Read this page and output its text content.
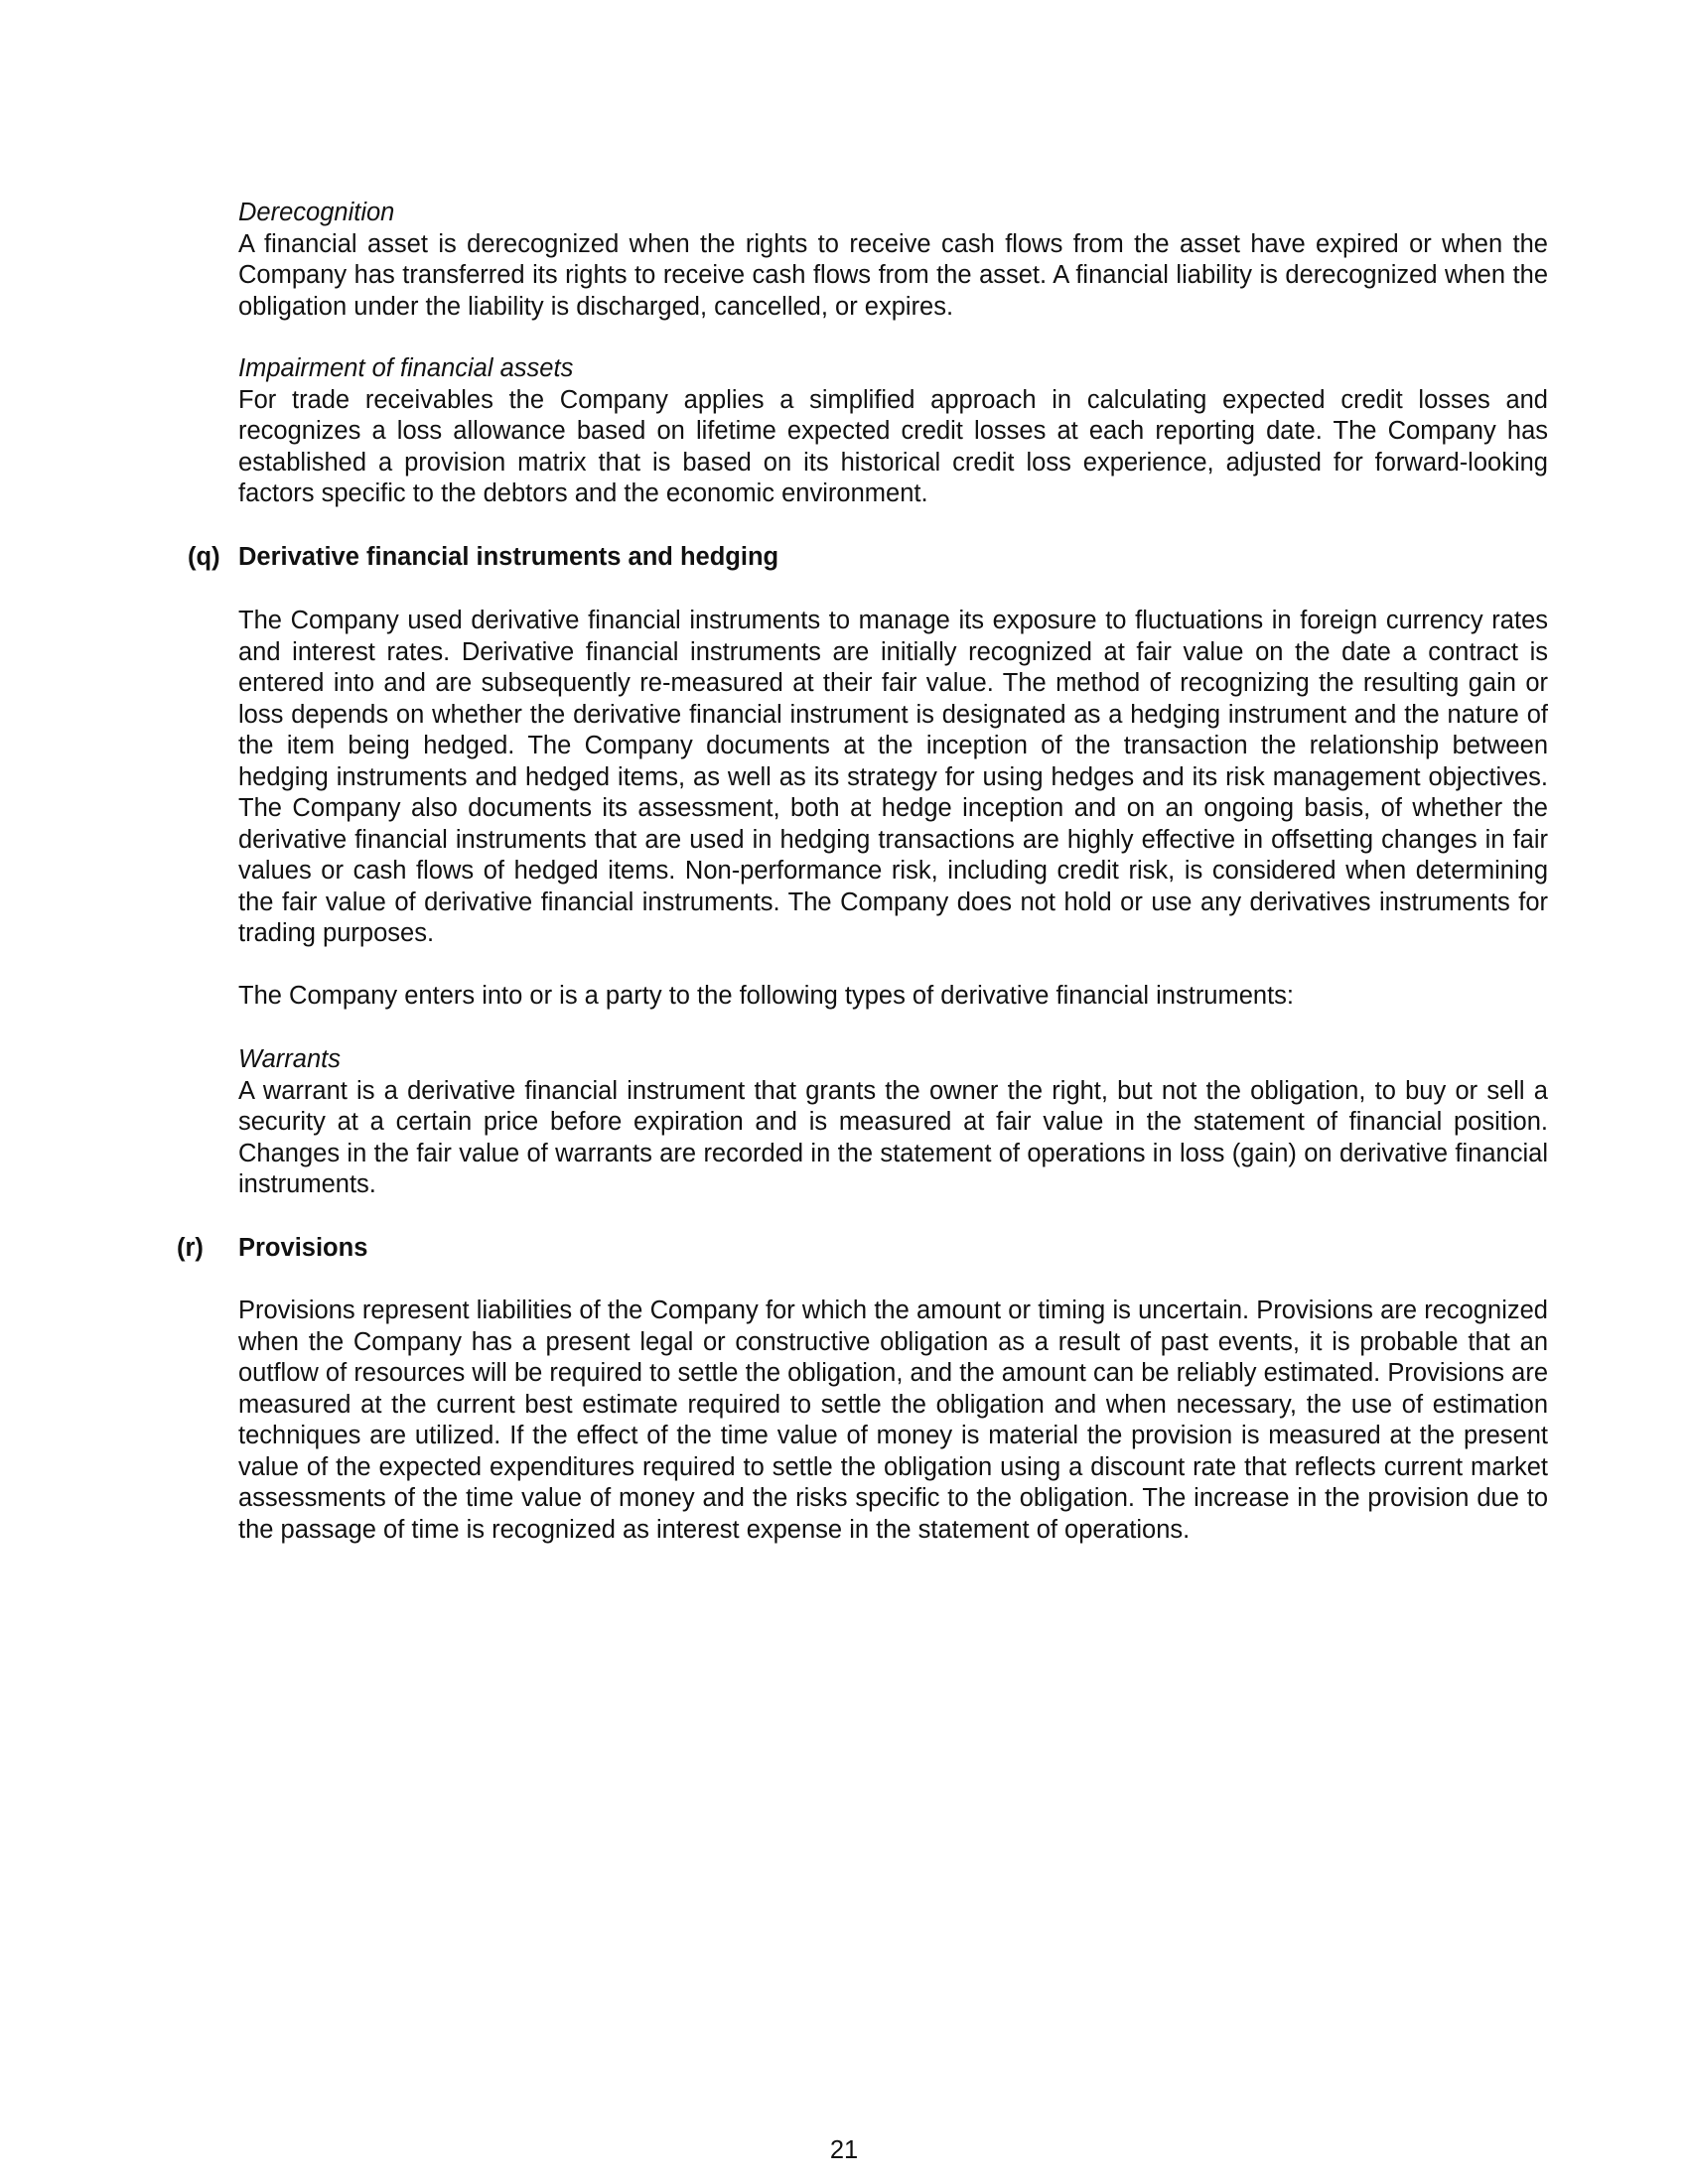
Derecognition

A financial asset is derecognized when the rights to receive cash flows from the asset have expired or when the Company has transferred its rights to receive cash flows from the asset. A financial liability is derecognized when the obligation under the liability is discharged, cancelled, or expires.

Impairment of financial assets

For trade receivables the Company applies a simplified approach in calculating expected credit losses and recognizes a loss allowance based on lifetime expected credit losses at each reporting date. The Company has established a provision matrix that is based on its historical credit loss experience, adjusted for forward-looking factors specific to the debtors and the economic environment.

(q) Derivative financial instruments and hedging

The Company used derivative financial instruments to manage its exposure to fluctuations in foreign currency rates and interest rates. Derivative financial instruments are initially recognized at fair value on the date a contract is entered into and are subsequently re-measured at their fair value. The method of recognizing the resulting gain or loss depends on whether the derivative financial instrument is designated as a hedging instrument and the nature of the item being hedged. The Company documents at the inception of the transaction the relationship between hedging instruments and hedged items, as well as its strategy for using hedges and its risk management objectives. The Company also documents its assessment, both at hedge inception and on an ongoing basis, of whether the derivative financial instruments that are used in hedging transactions are highly effective in offsetting changes in fair values or cash flows of hedged items. Non-performance risk, including credit risk, is considered when determining the fair value of derivative financial instruments. The Company does not hold or use any derivatives instruments for trading purposes.

The Company enters into or is a party to the following types of derivative financial instruments:
Warrants

A warrant is a derivative financial instrument that grants the owner the right, but not the obligation, to buy or sell a security at a certain price before expiration and is measured at fair value in the statement of financial position. Changes in the fair value of warrants are recorded in the statement of operations in loss (gain) on derivative financial instruments.

(r) Provisions

Provisions represent liabilities of the Company for which the amount or timing is uncertain. Provisions are recognized when the Company has a present legal or constructive obligation as a result of past events, it is probable that an outflow of resources will be required to settle the obligation, and the amount can be reliably estimated. Provisions are measured at the current best estimate required to settle the obligation and when necessary, the use of estimation techniques are utilized. If the effect of the time value of money is material the provision is measured at the present value of the expected expenditures required to settle the obligation using a discount rate that reflects current market assessments of the time value of money and the risks specific to the obligation. The increase in the provision due to the passage of time is recognized as interest expense in the statement of operations.

21
